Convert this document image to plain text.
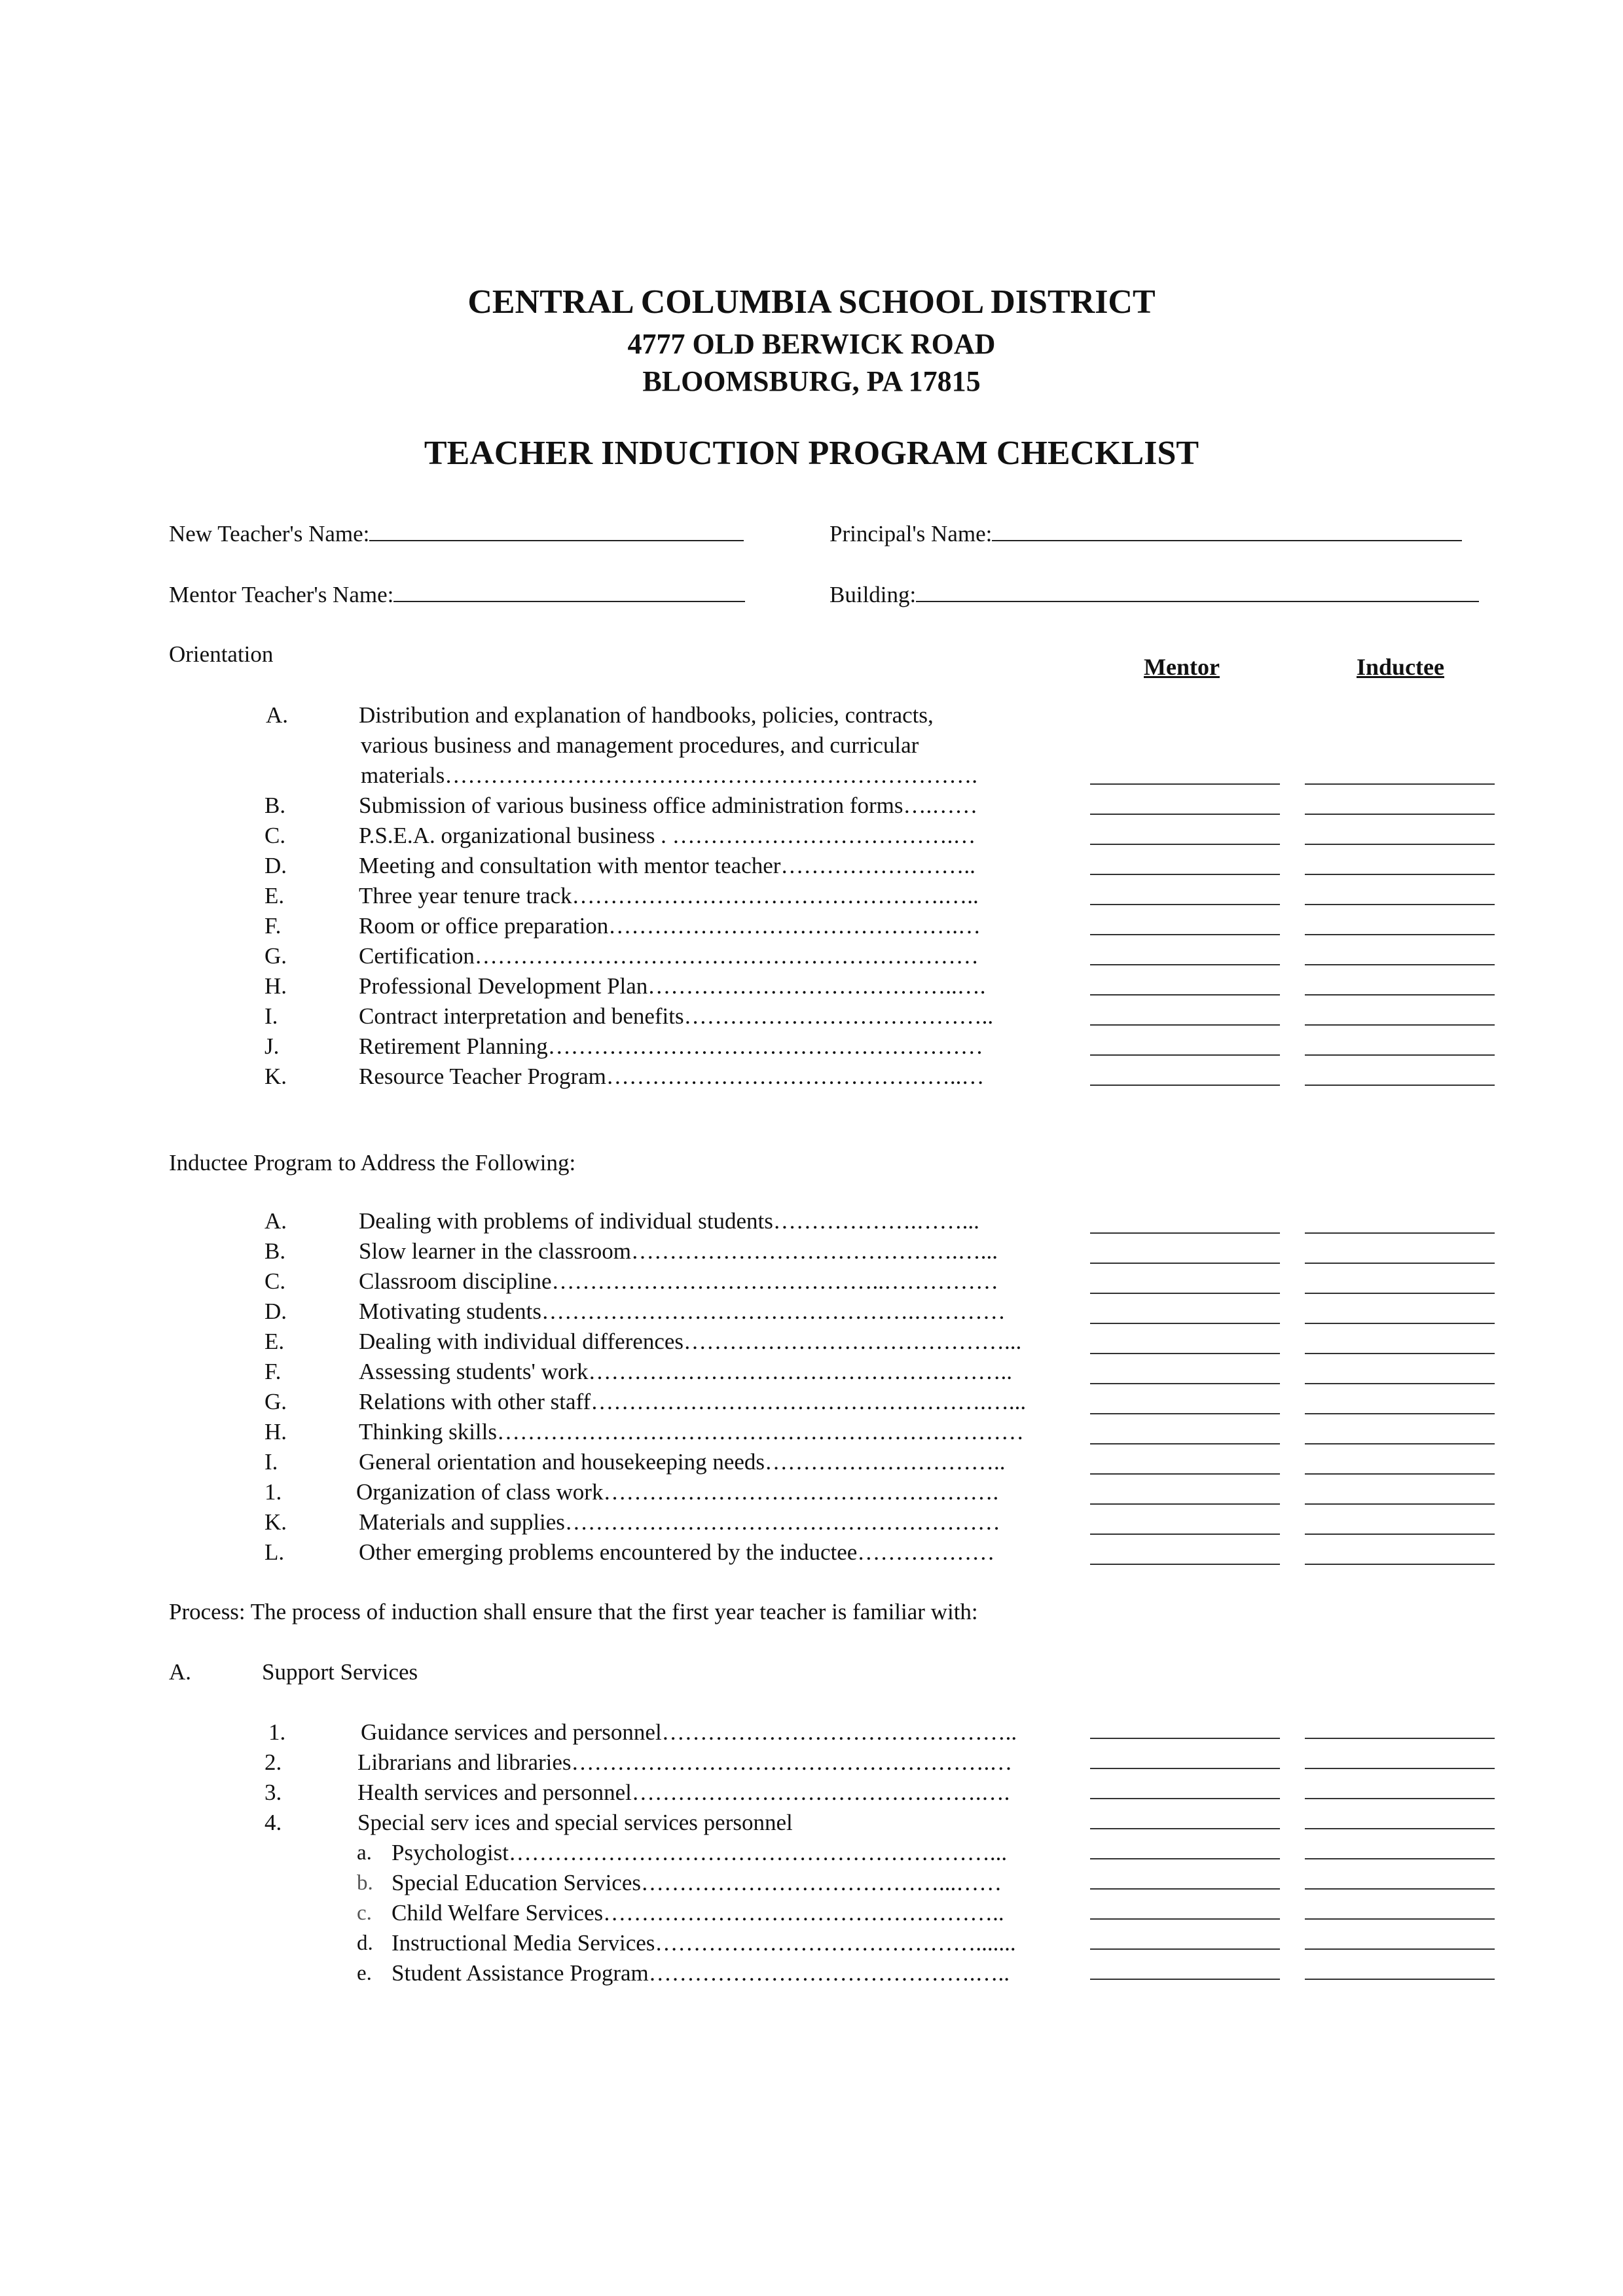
CENTRAL COLUMBIA SCHOOL DISTRICT
4777 OLD BERWICK ROAD
BLOOMSBURG, PA 17815
TEACHER INDUCTION PROGRAM CHECKLIST
New Teacher's Name:	Principal's Name:
Mentor Teacher's Name:	Building:
Orientation	Mentor	Inductee
A.	Distribution and explanation of handbooks, policies, contracts,
various business and management procedures, and curricular
materials…………………………………………………………….
B.	Submission of various business office administration forms….……
C.	P.S.E.A. organizational business . ……………………………….…
D.	Meeting and consultation with mentor teacher……………………..
E.	Three year tenure track………………………………………….…..
F.	Room or office preparation……………………………………….…
G.	Certification…………………………………………………………
H.	Professional Development Plan…………………………………..….
I.	Contract interpretation and benefits…………………………………..
J.	Retirement Planning…………………………………………………
K.	Resource Teacher Program………………………………………..…
Inductee Program to Address the Following:
A.	Dealing with problems of individual students……………….……...
B.	Slow learner in the classroom…………………………………….…...
C.	Classroom discipline……………………………………..……………
D.	Motivating students………………………………………….…………
E.	Dealing with individual differences……………………………………...
F.	Assessing students' work………………………………………………..
G.	Relations with other staff…………………………………………….…...
H.	Thinking skills……………………………………………………………
I.	General orientation and housekeeping needs…………………………..
1.	Organization of class work…………………………………………….
K.	Materials and supplies…………………………………………………
L.	Other emerging problems encountered by the inductee………………
Process: The process of induction shall ensure that the first year teacher is familiar with:
A.	Support Services
1.	Guidance services and personnel………………………………………..
2.	Librarians and libraries……………………………………………….…
3.	Health services and personnel……………………………………….….
4.	Special serv ices and special services personnel
a. Psychologist………………………………………………………...
b. Special Education Services…………………………………...……
c. Child Welfare Services……………………………………………..
d. Instructional Media Services…………………………………….......
e. Student Assistance Program…………………………………….…..
